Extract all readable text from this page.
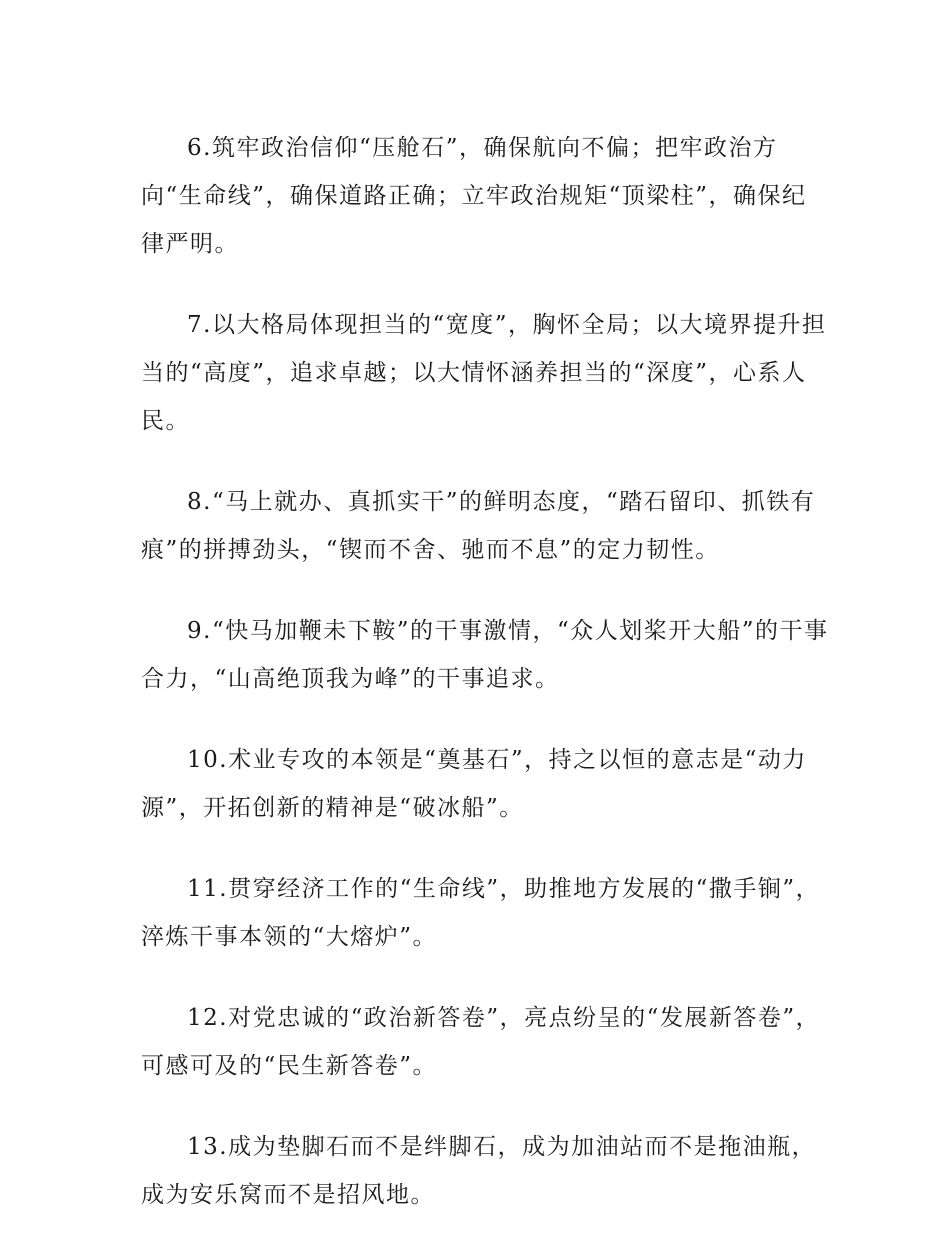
6.筑牢政治信仰“压舱石”，确保航向不偏；把牢政治方向“生命线”，确保道路正确；立牢政治规矩“顶梁柱”，确保纪律严明。

7.以大格局体现担当的“宽度”，胸怀全局；以大境界提升担当的“高度”，追求卓越；以大情怀涵养担当的“深度”，心系人民。

8.“马上就办、真抓实干”的鲜明态度，“踏石留印、抓铁有痕”的拼搏劲头，“锲而不舍、驰而不息”的定力韧性。

9.“快马加鞭未下鞍”的干事激情，“众人划桨开大船”的干事合力，“山高绝顶我为峰”的干事追求。

10.术业专攻的本领是“奠基石”，持之以恒的意志是“动力源”，开拓创新的精神是“破冰船”。

11.贯穿经济工作的“生命线”，助推地方发展的“撒手锏”，淬炼干事本领的“大熔炉”。

12.对党忠诚的“政治新答卷”，亮点纷呈的“发展新答卷”，可感可及的“民生新答卷”。

13.成为垫脚石而不是绊脚石，成为加油站而不是拖油瓶，成为安乐窝而不是招风地。
